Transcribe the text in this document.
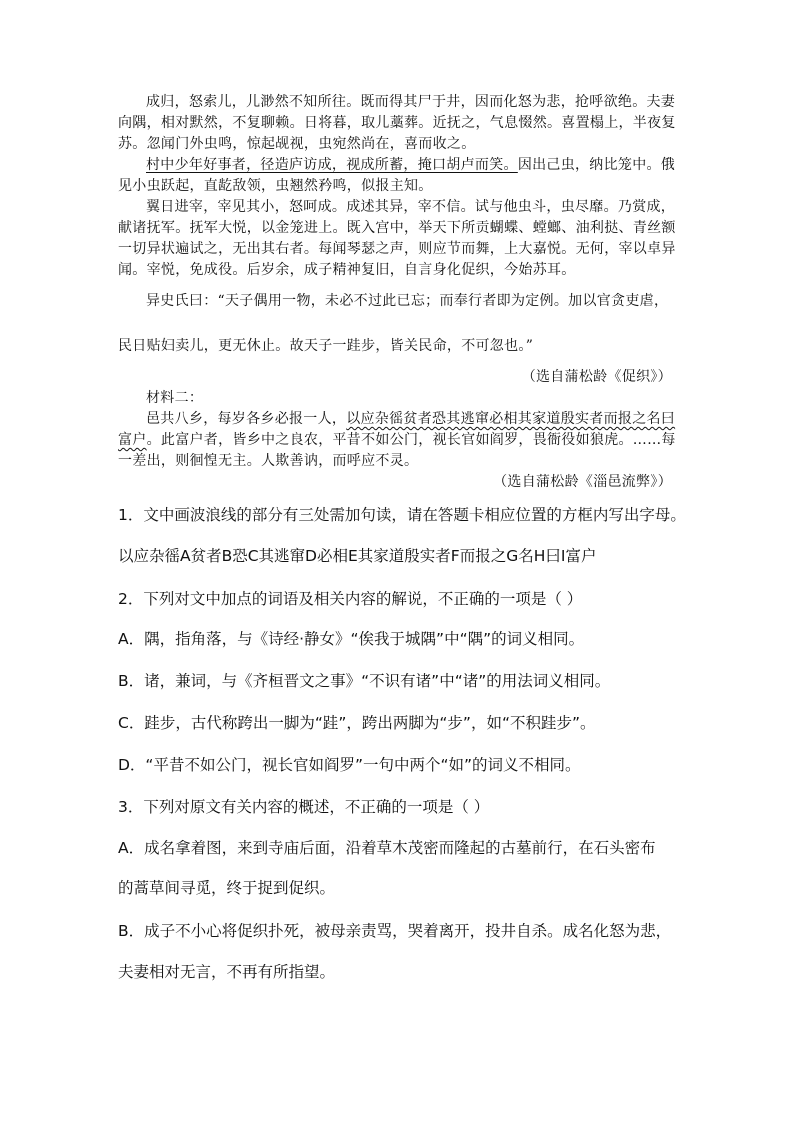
成归，怒索儿，儿渺然不知所往。既而得其尸于井，因而化怒为悲，抢呼欲绝。夫妻向隅，相对默然，不复聊赖。日将暮，取儿藁葬。近抚之，气息惙然。喜置榻上，半夜复苏。忽闻门外虫鸣，惊起觇视，虫宛然尚在，喜而收之。

村中少年好事者，径造庐访成，视成所蓄，掩口胡卢而笑。因出己虫，纳比笼中。俄见小虫跃起，直龁敌领，虫翘然矜鸣，似报主知。

翼日进宰，宰见其小，怒呵成。成述其异，宰不信。试与他虫斗，虫尽靡。乃赏成，献诸抚军。抚军大悦，以金笼进上。既入宫中，举天下所贡蝴蝶、螳螂、油利挞、青丝额一切异状遍试之，无出其右者。每闻琴瑟之声，则应节而舞，上大嘉悦。无何，宰以卓异闻。宰悦，免成役。后岁余，成子精神复旧，自言身化促织，今始苏耳。

异史氏曰：“天子偶用一物，未必不过此已忘；而奉行者即为定例。加以官贪吏虐，

民日贴妇卖儿，更无休止。故天子一跬步，皆关民命，不可忽也。”

（选自蒲松龄《促织》）

材料二：

邑共八乡，每岁各乡必报一人，以应杂徭贫者恐其逃窜必相其家道殷实者而报之名曰富户。此富户者，皆乡中之良农，平昔不如公门，视长官如阎罗，畏衙役如狼虎。……每一差出，则徊惶无主。人欺善讷，而呼应不灵。

（选自蒲松龄《淄邑流弊》）

1．文中画波浪线的部分有三处需加句读，请在答题卡相应位置的方框内写出字母。
以应杂徭A贫者B恐C其逃窜D必相E其家道殷实者F而报之G名H曰I富户
2．下列对文中加点的词语及相关内容的解说，不正确的一项是（ ）
A．隅，指角落，与《诗经·静女》“俟我于城隅”中“隅”的词义相同。
B．诸，兼词，与《齐桓晋文之事》“不识有诸”中“诸”的用法词义相同。
C．跬步，古代称跨出一脚为“跬”，跨出两脚为“步”，如“不积跬步”。
D．“平昔不如公门，视长官如阎罗”一句中两个“如”的词义不相同。
3．下列对原文有关内容的概述，不正确的一项是（ ）
A．成名拿着图，来到寺庙后面，沿着草木茂密而隆起的古墓前行，在石头密布
的蒿草间寻觅，终于捉到促织。
B．成子不小心将促织扑死，被母亲责骂，哭着离开，投井自杀。成名化怒为悲，
夫妻相对无言，不再有所指望。
